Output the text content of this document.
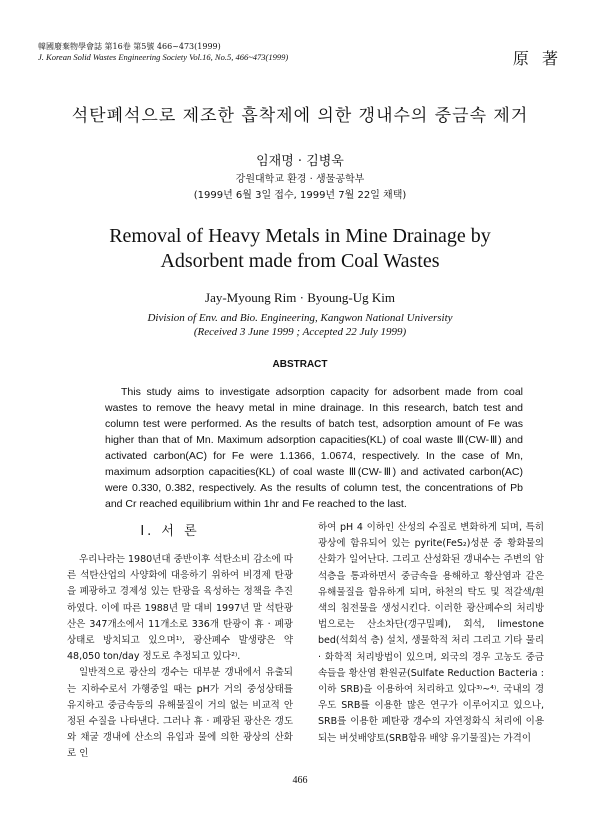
韓國廢棄物學會誌 第16卷 第5號 466~473(1999)
J. Korean Solid Wastes Engineering Society Vol.16, No.5, 466~473(1999)	原 著
석탄폐석으로 제조한 흡착제에 의한 갱내수의 중금속 제거
임재명 · 김병욱
강원대학교 환경 · 생물공학부
(1999년 6월 3일 접수, 1999년 7월 22일 채택)
Removal of Heavy Metals in Mine Drainage by
Adsorbent made from Coal Wastes
Jay-Myoung Rim · Byoung-Ug Kim
Division of Env. and Bio. Engineering, Kangwon National University
(Received 3 June 1999 ; Accepted 22 July 1999)
ABSTRACT
This study aims to investigate adsorption capacity for adsorbent made from coal wastes to remove the heavy metal in mine drainage. In this research, batch test and column test were performed. As the results of batch test, adsorption amount of Fe was higher than that of Mn. Maximum adsorption capacities(KL) of coal waste Ⅲ(CW-Ⅲ) and activated carbon(AC) for Fe were 1.1366, 1.0674, respectively. In the case of Mn, maximum adsorption capacities(KL) of coal waste Ⅲ(CW-Ⅲ) and activated carbon(AC) were 0.330, 0.382, respectively. As the results of column test, the concentrations of Pb and Cr reached equilibrium within 1hr and Fe reached to the last.
Ⅰ. 서 론

우리나라는 1980년대 중반이후 석탄소비 감소에 따른 석탄산업의 사양화에 대응하기 위하여 비경제 탄광을 폐광하고 경제성 있는 탄광을 육성하는 정책을 추진하였다. 이에 따른 1988년 말 대비 1997년 말 석탄광산은 347개소에서 11개소로 336개 탄광이 휴 · 폐광상태로 방치되고 있으며¹⁾, 광산폐수 발생량은 약 48,050 ton/day 정도로 추정되고 있다²⁾.

일반적으로 광산의 갱수는 대부분 갱내에서 유출되는 지하수로서 가행중일 때는 pH가 거의 중성상태를 유지하고 중금속등의 유해물질이 거의 없는 비교적 안정된 수질을 나타낸다. 그러나 휴 · 폐광된 광산은 갱도와 채굴 갱내에 산소의 유입과 물에 의한 광상의 산화로 인

하여 pH 4 이하인 산성의 수질로 변화하게 되며, 특히 광상에 함유되어 있는 pyrite(FeS₂)성분 중 황화물의 산화가 일어난다. 그리고 산성화된 갱내수는 주변의 암석층을 통과하면서 중금속을 용해하고 황산염과 같은 유해물질을 함유하게 되며, 하천의 탁도 및 적갈색/흰색의 침전물을 생성시킨다. 이러한 광산폐수의 처리방법으로는 산소차단(갱구밀폐), 회석, limestone bed(석회석 층) 설치, 생물학적 처리 그리고 기타 물리 · 화학적 처리방법이 있으며, 외국의 경우 고농도 중금속들을 황산염 환원균(Sulfate Reduction Bacteria : 이하 SRB)을 이용하여 처리하고 있다³⁾~⁴⁾. 국내의 경우도 SRB를 이용한 많은 연구가 이루어지고 있으나, SRB를 이용한 폐탄광 갱수의 자연정화식 처리에 이용되는 버섯배양토(SRB함유 배양 유기물질)는 가격이

466
